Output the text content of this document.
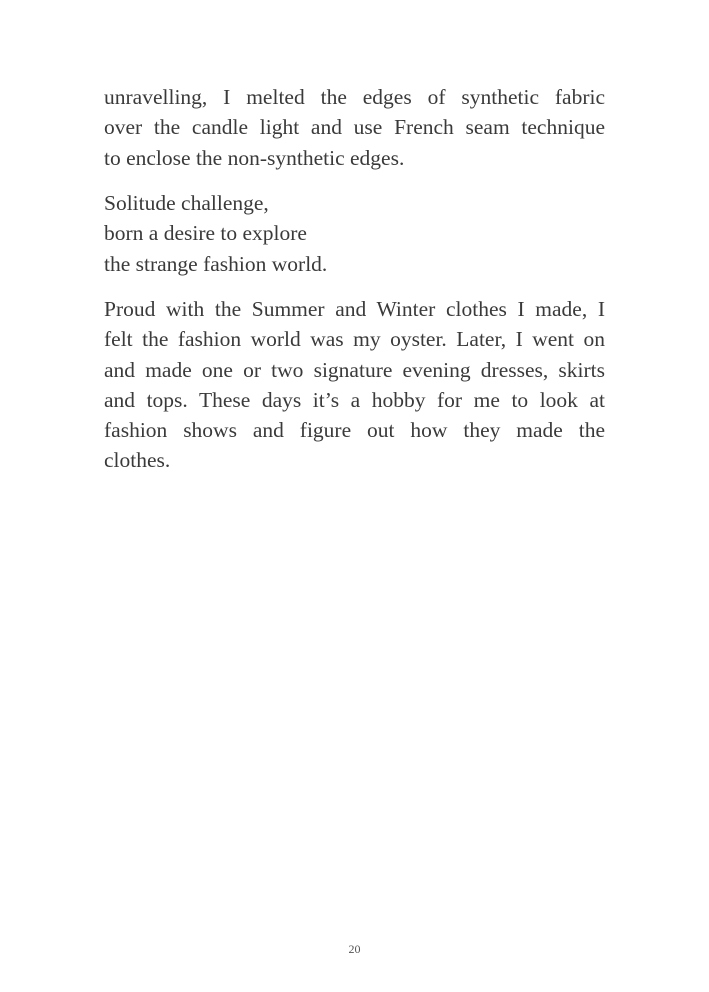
unravelling, I melted the edges of synthetic fabric
over the candle light and use French seam technique
to enclose the non-synthetic edges.
Solitude challenge,
born a desire to explore
the strange fashion world.
Proud with the Summer and Winter clothes I made, I
felt the fashion world was my oyster. Later, I went on
and made one or two signature evening dresses, skirts
and tops. These days it’s a hobby for me to look at
fashion shows and figure out how they made the
clothes.
20
